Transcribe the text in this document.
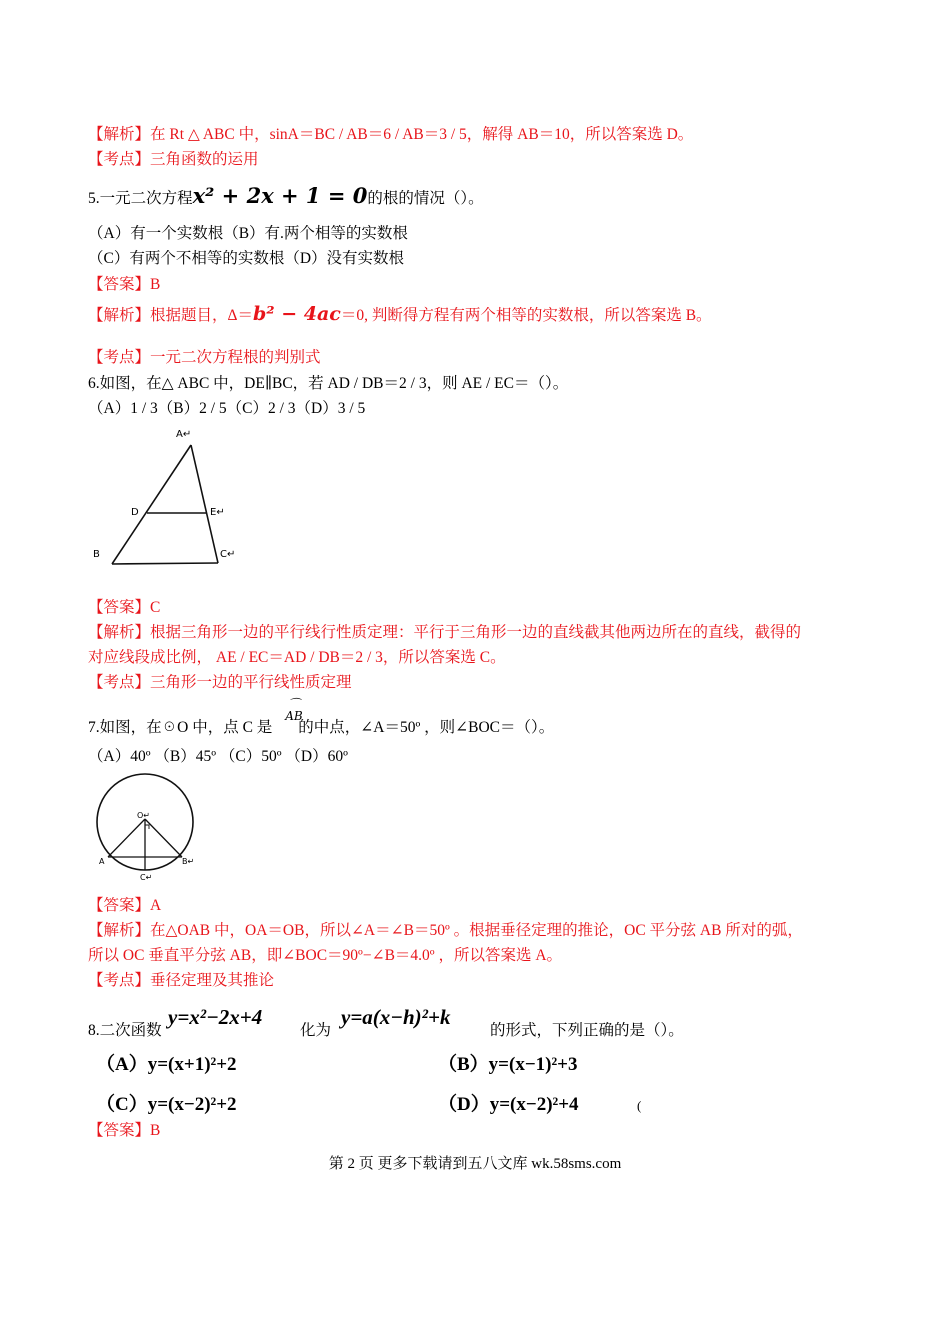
【解析】在 Rt △ ABC 中，sinA＝BC / AB＝6 / AB＝3 / 5，解得 AB＝10，所以答案选 D。
【考点】三角函数的运用
5.一元二次方程x² + 2x + 1 = 0的根的情况（）。
（A）有一个实数根（B）有.两个相等的实数根
（C）有两个不相等的实数根（D）没有实数根
【答案】B
【解析】根据题目，Δ＝b² − 4ac＝0, 判断得方程有两个相等的实数根，所以答案选 B。
【考点】一元二次方程根的判别式
6.如图，在△ ABC 中，DE∥BC，若 AD / DB＝2 / 3，则 AE / EC＝（）。
（A）1 / 3（B）2 / 5（C）2 / 3（D）3 / 5
A↵
D	E↵
B	C↵
【答案】C
【解析】根据三角形一边的平行线行性质定理：平行于三角形一边的直线截其他两边所在的直线，截得的
对应线段成比例， AE / EC＝AD / DB＝2 / 3，所以答案选 C。
【考点】三角形一边的平行线性质定理
⌒
AB
7.如图，在☉O 中，点 C 是 的中点，∠A＝50º ，则∠BOC＝（）。
（A）40º （B）45º （C）50º （D）60º
O↵
A	B↵
C↵
【答案】A
【解析】在△OAB 中，OA＝OB，所以∠A＝∠B＝50º 。根据垂径定理的推论，OC 平分弦 AB 所对的弧，
所以 OC 垂直平分弦 AB，即∠BOC＝90º−∠B＝4.0º ，所以答案选 A。
【考点】垂径定理及其推论
8.二次函数
y=x²−2x+4
化为
y=a(x−h)²+k
的形式，下列正确的是（）。
（A）y=(x+1)²+2	（B）y=(x−1)²+3
（C）y=(x−2)²+2	（D）y=(x−2)²+4	(
【答案】B
第 2 页 更多下载请到五八文库 wk.58sms.com
